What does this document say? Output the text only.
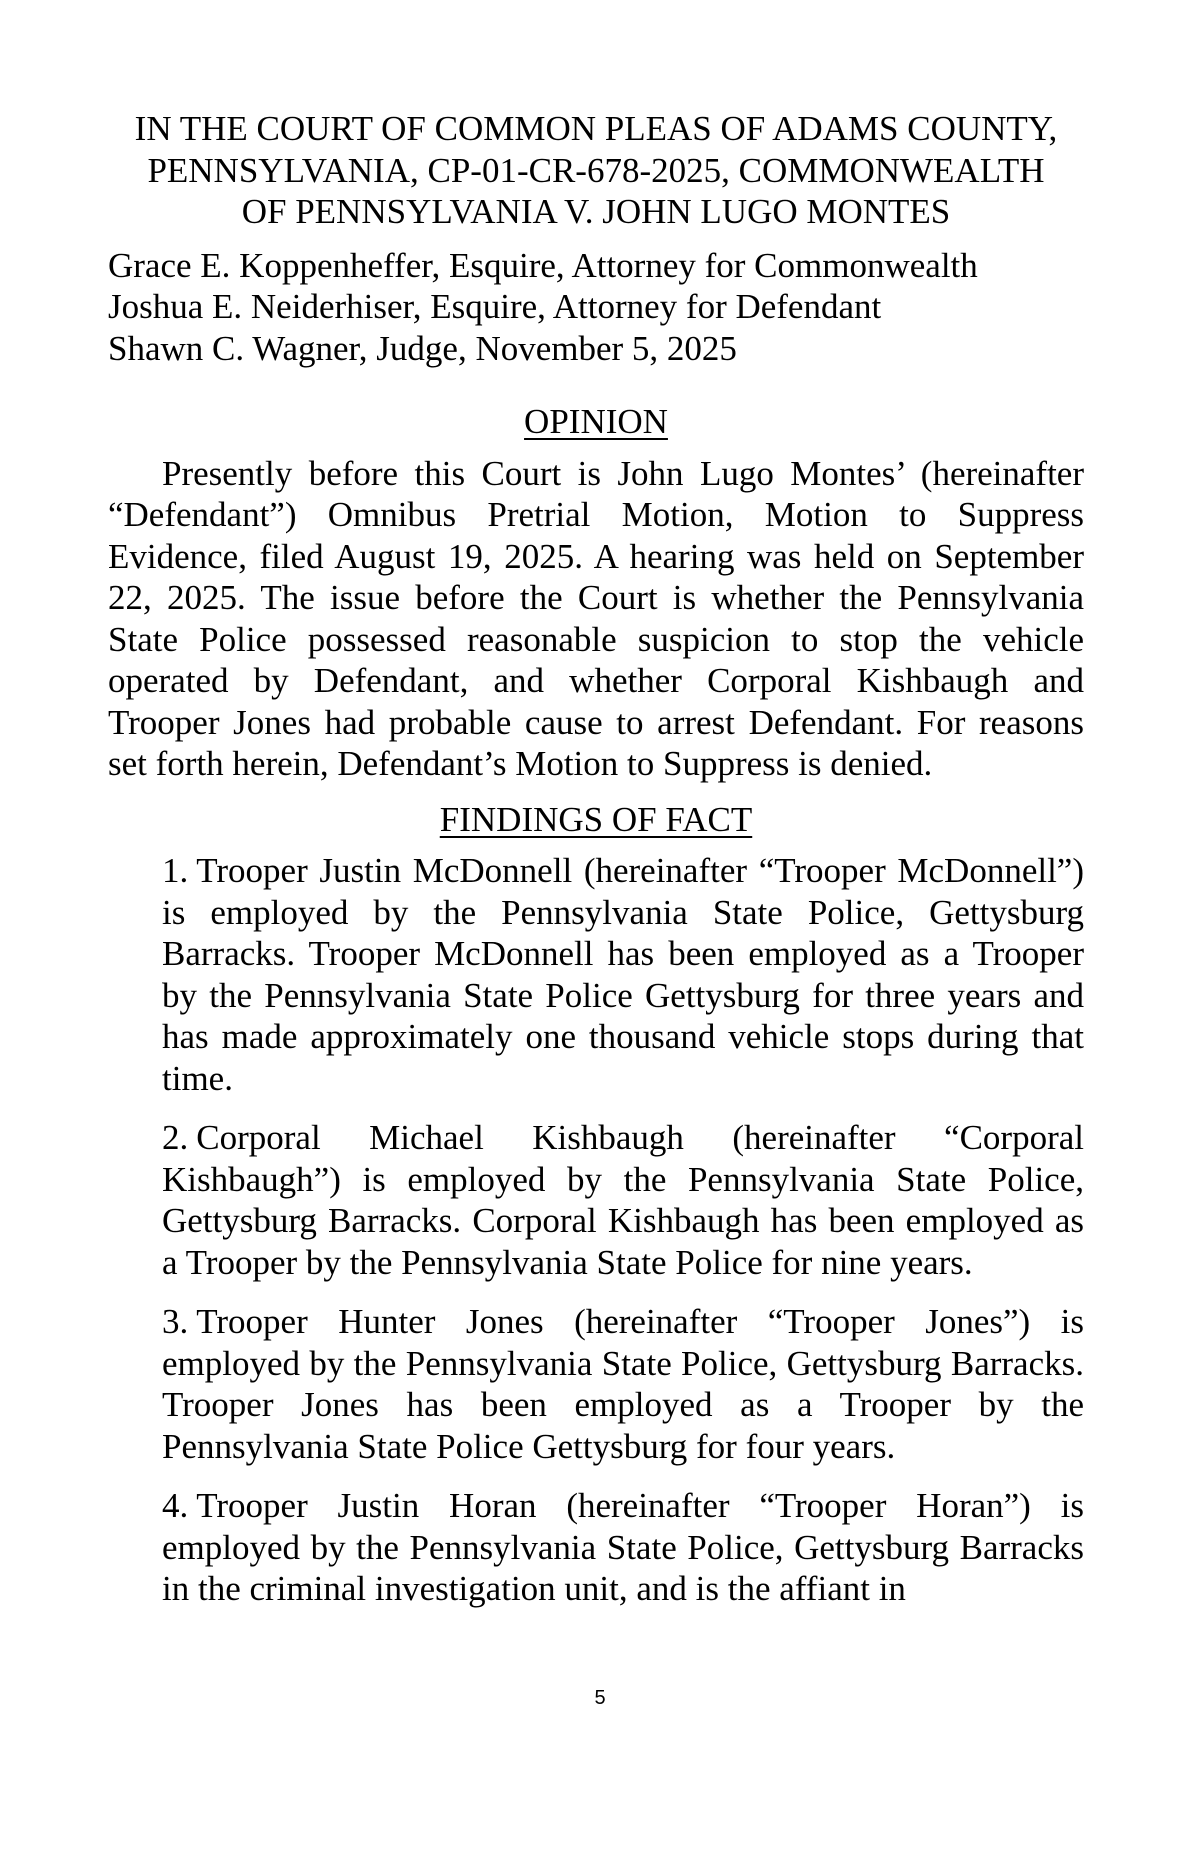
IN THE COURT OF COMMON PLEAS OF ADAMS COUNTY,
PENNSYLVANIA, CP-01-CR-678-2025, COMMONWEALTH
OF PENNSYLVANIA V. JOHN LUGO MONTES
Grace E. Koppenheffer, Esquire, Attorney for Commonwealth
Joshua E. Neiderhiser, Esquire, Attorney for Defendant
Shawn C. Wagner, Judge, November 5, 2025
OPINION

Presently before this Court is John Lugo Montes’ (hereinafter “Defendant”) Omnibus Pretrial Motion, Motion to Suppress Evidence, filed August 19, 2025. A hearing was held on September 22, 2025. The issue before the Court is whether the Pennsylvania State Police possessed reasonable suspicion to stop the vehicle operated by Defendant, and whether Corporal Kishbaugh and Trooper Jones had probable cause to arrest Defendant. For reasons set forth herein, Defendant’s Motion to Suppress is denied.

FINDINGS OF FACT
1. Trooper Justin McDonnell (hereinafter “Trooper McDonnell”) is employed by the Pennsylvania State Police, Gettysburg Barracks. Trooper McDonnell has been employed as a Trooper by the Pennsylvania State Police Gettysburg for three years and has made approximately one thousand vehicle stops during that time.
2. Corporal Michael Kishbaugh (hereinafter “Corporal Kishbaugh”) is employed by the Pennsylvania State Police, Gettysburg Barracks. Corporal Kishbaugh has been employed as a Trooper by the Pennsylvania State Police for nine years.
3. Trooper Hunter Jones (hereinafter “Trooper Jones”) is employed by the Pennsylvania State Police, Gettysburg Barracks. Trooper Jones has been employed as a Trooper by the Pennsylvania State Police Gettysburg for four years.
4. Trooper Justin Horan (hereinafter “Trooper Horan”) is employed by the Pennsylvania State Police, Gettysburg Barracks in the criminal investigation unit, and is the affiant in
5
